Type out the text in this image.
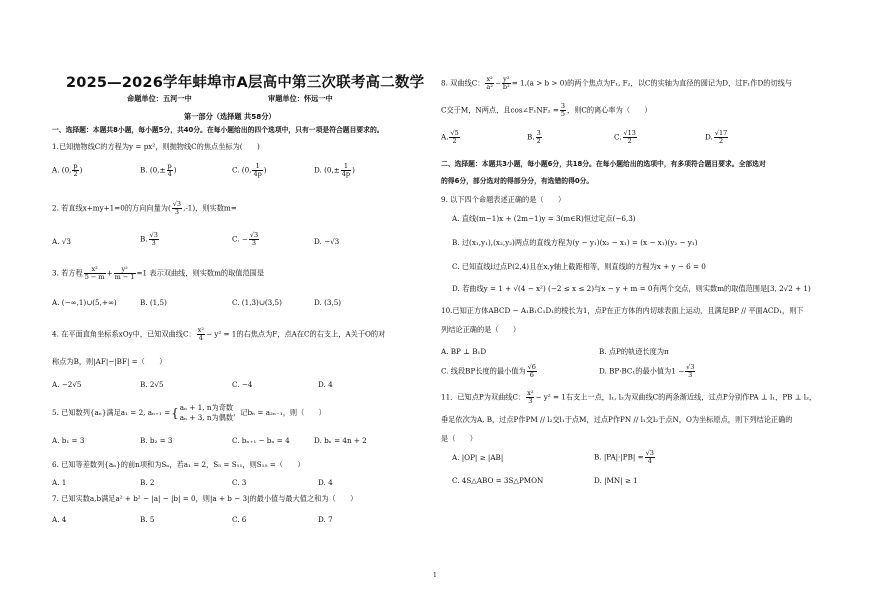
2025—2026学年蚌埠市A层高中第三次联考高二数学
命题单位：五河一中	审题单位：怀远一中
第一部分（选择题 共58分）
一、选择题：本题共8小题，每小题5分，共40分。在每小题给出的四个选项中，只有一项是符合题目要求的。
1.已知抛物线C的方程为y = px²，则抛物线C的焦点坐标为(　　)
A. (0, $\frac{p}{2}$ )	B. ($0,\pm \frac{p}{4}$ )	C. (0, $\frac{1}{4p}$ )	D. ($0,\pm \frac{1}{4p}$ )
2. 若直线x+my+1=0的方向向量为( $\frac{√3}{3} ,-1$)，则实数m=
A. √3	B. $\frac{√3}{3}$	C. − $\frac{√3}{3}$	D. −√3
3. 若方程 $\frac{\text{x²}}{5 - m} + \frac{\text{y²}}{m - 1} =1$ 表示双曲线，则实数m的取值范围是
A. (−∞,1)∪(5,+∞)	B. (1,5)	C. (1,3)∪(3,5)	D. (3,5)
4. 在平面直角坐标系xOy中，已知双曲线C： $\frac{\text{x²}}{4} - y^2 = 1$的右焦点为F，点A在C的右支上，A关于O的对
称点为B，则|AF|−|BF| =（　　）
A. −2√5	B. 2√5	C. −4	D. 4
5. 已知数列{aₙ}满足a₁ = 2, aₙ₊₁ = { aₙ + 1, n为奇数
aₙ + 3, n为偶数 ，记bₙ = a₂ₙ₋₁，则（　　）
A. b₁ = 3	B. b₂ = 3	C. bₙ₊₁ − bₙ = 4	D. bₙ = 4n + 2
6. 已知等差数列{aₙ}的前n项和为Sₙ，若a₁ = 2，S₅ = S₁₁，则S₁₅ =（　　）
A. 1	B. 2	C. 3	D. 4
7. 已知实数a,b满足a² + b² − |a| − |b| = 0，则|a + b − 3|的最小值与最大值之和为（　　）
A. 4	B. 5	C. 6	D. 7
8. 双曲线C： $\frac{\text{x²}}{\text{a²}} - \frac{\text{y²}}{\text{b²}} = 1,(a > b > 0)$的两个焦点为F₁, F₂，以C的实轴为直径的圆记为D，过F₁作D的切线与
C交于M，N两点，且cos∠F₁NF₂ = $\frac{3}{5}$ ，则C的离心率为（　　）
A. $\frac{√5}{2}$	B. $\frac{3}{2}$	C. $\frac{√13}{2}$	D. $\frac{√17}{2}$
二、选择题：本题共3小题，每小题6分，共18分。在每小题给出的选项中，有多项符合题目要求。全部选对
的得6分，部分选对的得部分分，有选错的得0分。
9. 以下四个命题表述正确的是（　　）
A. 直线(m−1)x + (2m−1)y = 3(m∈R)恒过定点(−6,3)
B. 过(x₁,y₁),(x₂,y₂)两点的直线方程为(y − y₁)(x₂ − x₁) = (x − x₁)(y₂ − y₁)
C. 已知直线l过点P(2,4)且在x,y轴上截距相等，则直线l的方程为x + y − 6 = 0
D. 若曲线y = 1 + √(4 − x²) (−2 ≤ x ≤ 2)与x − y + m = 0有两个交点，则实数m的取值范围是[3, 2√2 + 1)
10.已知正方体ABCD − A₁B₁C₁D₁的棱长为1，点P在正方体的内切球表面上运动，且满足BP // 平面ACD₁，则下
列结论正确的是（　　）
A. BP ⊥ B₁D	B. 点P的轨迹长度为π
C. 线段BP长度的最小值为 $\frac{√6}{6}$	D. BP·BC₁的最小值为$1 - \frac{√3}{3}$
11．已知点P为双曲线C： $\frac{\text{x²}}{3} - y^2 = 1$右支上一点，l₁, l₂为双曲线C的两条渐近线，过点P分别作PA ⊥ l₁，PB ⊥ l₂，
垂足依次为A, B，过点P作PM // l₂交l₁于点M，过点P作PN // l₁交l₂于点N，O为坐标原点，则下列结论正确的
是（　　）
A. |OP| ≥ |AB|	B. $|PA|\cdot|PB| = \frac{√3}{4}$
C. 4S△ABO = 3S△PMON	D. |MN| ≥ 1
1
